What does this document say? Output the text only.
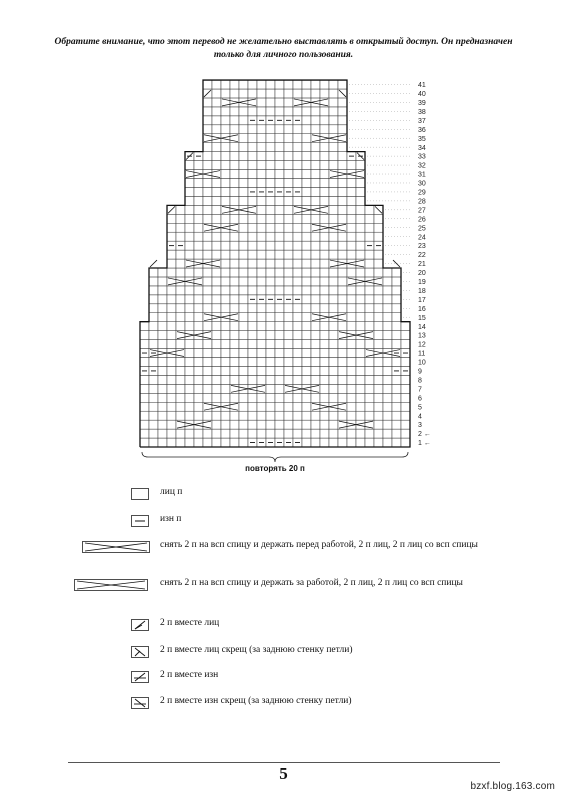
Обратите внимание, что этот перевод не желательно выставлять в открытый доступ. Он предназначен только для личного пользования.
1 ←
2 ←
3
4
5
6
7
8
9
10
11
12
13
14
15
16
17
18
19
20
21
22
23
24
25
26
27
28
29
30
31
32
33
34
35
36
37
38
39
40
41
повторять 20 п
лиц п
изн п
снять 2 п на всп спицу и держать перед работой, 2 п лиц, 2 п лиц со всп спицы
снять 2 п на всп спицу и держать за работой, 2 п лиц, 2 п лиц со всп спицы
2 п вместе лиц
2 п вместе лиц скрещ (за заднюю стенку петли)
2 п вместе изн
2 п вместе изн скрещ (за заднюю стенку петли)
5
bzxf.blog.163.com
